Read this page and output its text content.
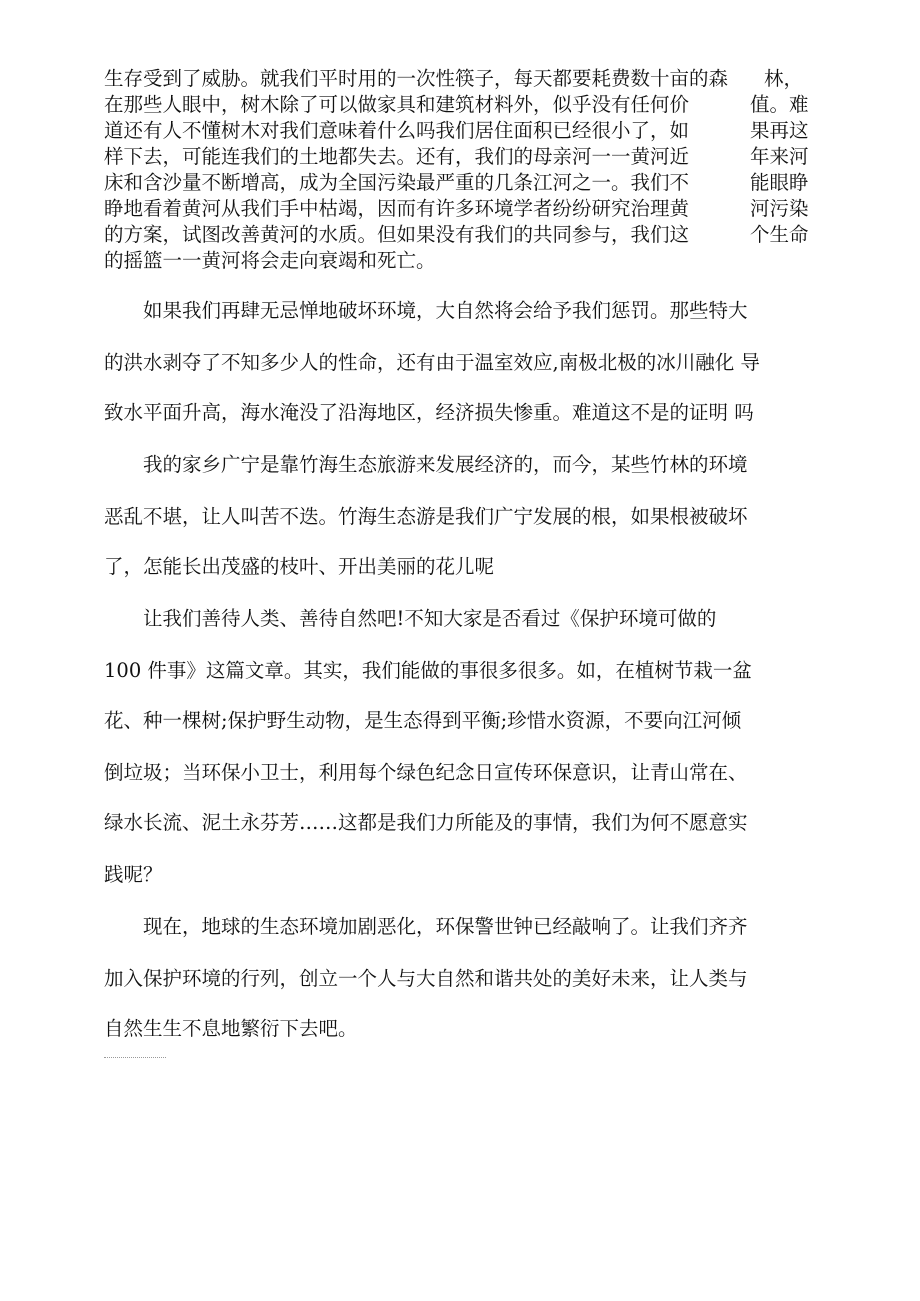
生存受到了威胁。就我们平时用的一次性筷子，每天都要耗费数十亩的森 林，
在那些人眼中，树木除了可以做家具和建筑材料外，似乎没有任何价	值。难
道还有人不懂树木对我们意味着什么吗我们居住面积已经很小了，如	果再这
样下去，可能连我们的土地都失去。还有，我们的母亲河一一黄河近	年来河
床和含沙量不断增高，成为全国污染最严重的几条江河之一。我们不	能眼睁
睁地看着黄河从我们手中枯竭，因而有许多环境学者纷纷研究治理黄	河污染
的方案，试图改善黄河的水质。但如果没有我们的共同参与，我们这	个生命
的摇篮一一黄河将会走向衰竭和死亡。
如果我们再肆无忌惮地破坏环境，大自然将会给予我们惩罚。那些特大
的洪水剥夺了不知多少人的性命，还有由于温室效应,南极北极的冰川融化 导
致水平面升高，海水淹没了沿海地区，经济损失惨重。难道这不是的证明 吗
我的家乡广宁是靠竹海生态旅游来发展经济的，而今，某些竹林的环境
恶乱不堪，让人叫苦不迭。竹海生态游是我们广宁发展的根，如果根被破坏
了，怎能长出茂盛的枝叶、开出美丽的花儿呢
让我们善待人类、善待自然吧!不知大家是否看过《保护环境可做的
100 件事》这篇文章。其实，我们能做的事很多很多。如，在植树节栽一盆
花、种一棵树;保护野生动物，是生态得到平衡;珍惜水资源，不要向江河倾
倒垃圾；当环保小卫士，利用每个绿色纪念日宣传环保意识，让青山常在、
绿水长流、泥土永芬芳……这都是我们力所能及的事情，我们为何不愿意实
践呢？
现在，地球的生态环境加剧恶化，环保警世钟已经敲响了。让我们齐齐
加入保护环境的行列，创立一个人与大自然和谐共处的美好未来，让人类与
自然生生不息地繁衍下去吧。
